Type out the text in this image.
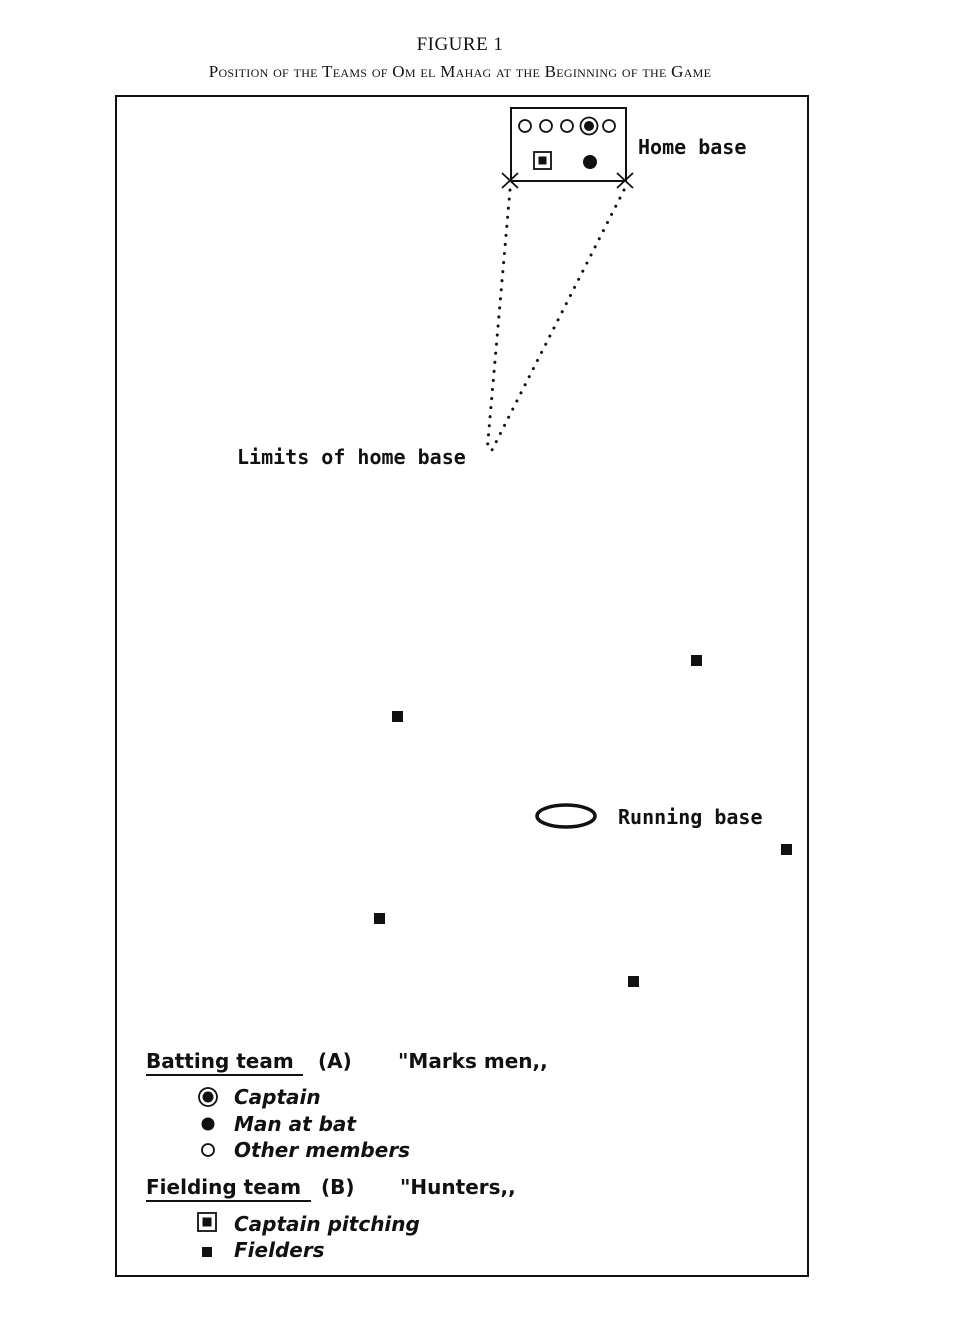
FIGURE 1
Position of the Teams of Om el Mahag at the Beginning of the Game
Home base
Limits of home base
Running base
Batting team (A) "Marks men,,
Captain
Man at bat
Other members
Fielding team (B) "Hunters,,
Captain pitching
Fielders
